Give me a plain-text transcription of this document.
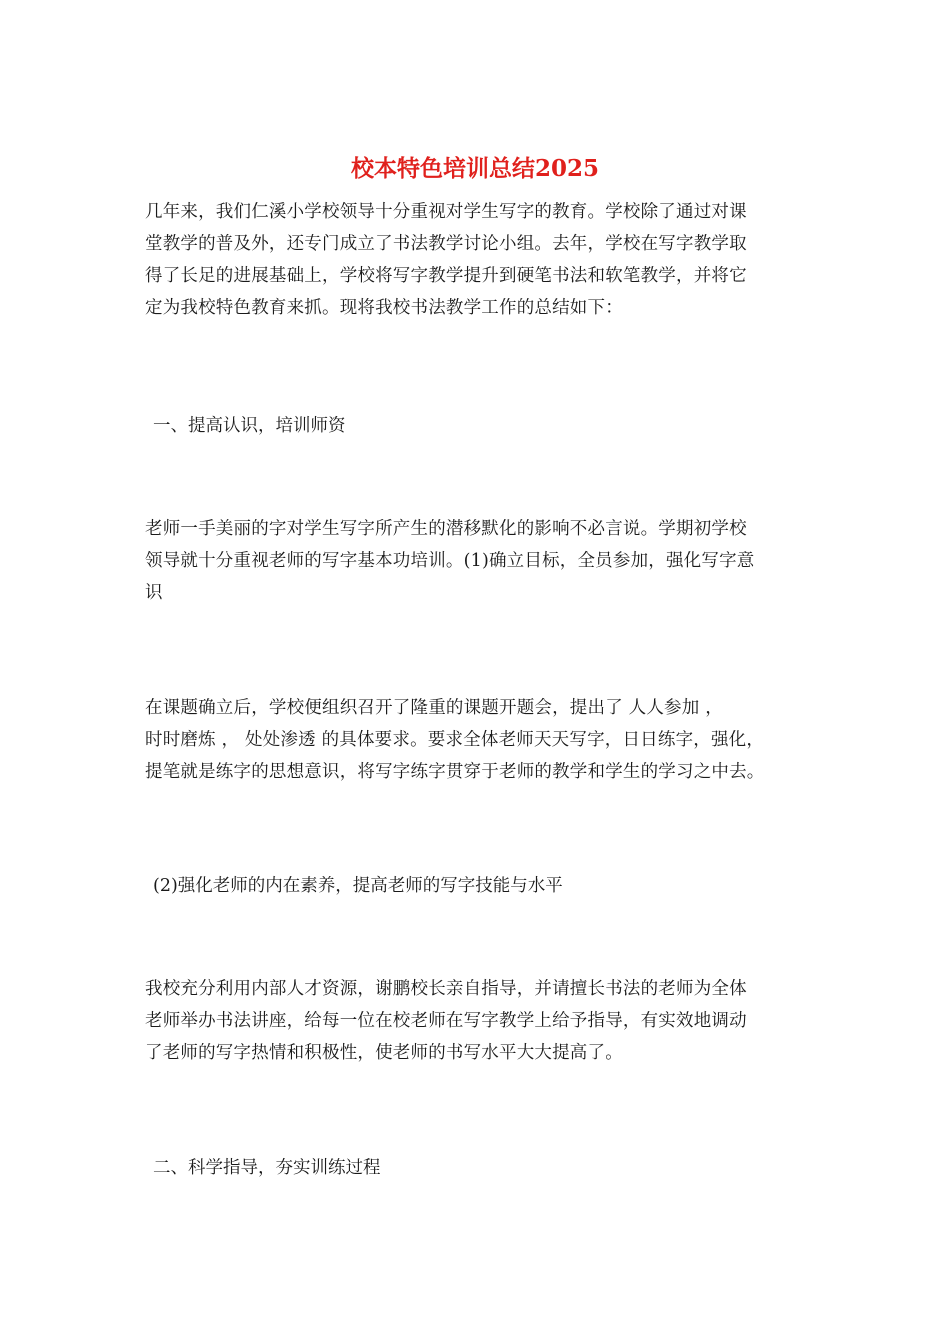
校本特色培训总结2025

几年来，我们仁溪小学校领导十分重视对学生写字的教育。学校除了通过对课
堂教学的普及外，还专门成立了书法教学讨论小组。去年，学校在写字教学取
得了长足的进展基础上，学校将写字教学提升到硬笔书法和软笔教学，并将它
定为我校特色教育来抓。现将我校书法教学工作的总结如下：

一、提高认识，培训师资

老师一手美丽的字对学生写字所产生的潜移默化的影响不必言说。学期初学校
领导就十分重视老师的写字基本功培训。(1)确立目标，全员参加，强化写字意
识

在课题确立后，学校便组织召开了隆重的课题开题会，提出了 人人参加 ，
时时磨炼 ， 处处渗透 的具体要求。要求全体老师天天写字，日日练字，强化，
提笔就是练字的思想意识，将写字练字贯穿于老师的教学和学生的学习之中去。

(2)强化老师的内在素养，提高老师的写字技能与水平

我校充分利用内部人才资源，谢鹏校长亲自指导，并请擅长书法的老师为全体
老师举办书法讲座，给每一位在校老师在写字教学上给予指导，有实效地调动
了老师的写字热情和积极性，使老师的书写水平大大提高了。

二、科学指导，夯实训练过程
